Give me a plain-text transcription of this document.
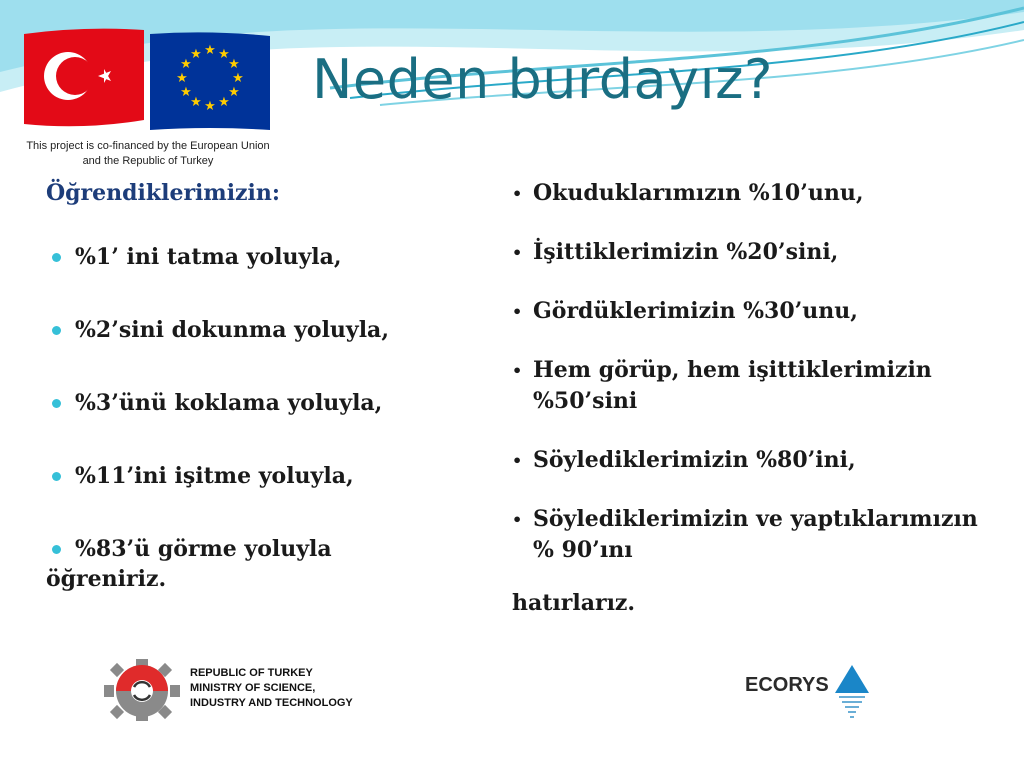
★ ★
★
★
★
★
★
★
★
★
★
★
This project is co-financed by the European Union and the Republic of Turkey
Neden burdayız?
Öğrendiklerimizin:
%1’ ini tatma yoluyla,
%2’sini dokunma yoluyla,
%3’ünü koklama yoluyla,
%11’ini işitme yoluyla,
%83’ü görme yoluyla
öğreniriz.
• Okuduklarımızın %10’unu,
• İşittiklerimizin %20’sini,
• Gördüklerimizin %30’unu,
• Hem görüp, hem işittiklerimizin %50’sini
• Söylediklerimizin %80’ini,
• Söylediklerimizin ve yaptıklarımızın % 90’ını
hatırlarız.
REPUBLIC OF TURKEY
MINISTRY OF SCIENCE,
INDUSTRY AND TECHNOLOGY
ECORYS
